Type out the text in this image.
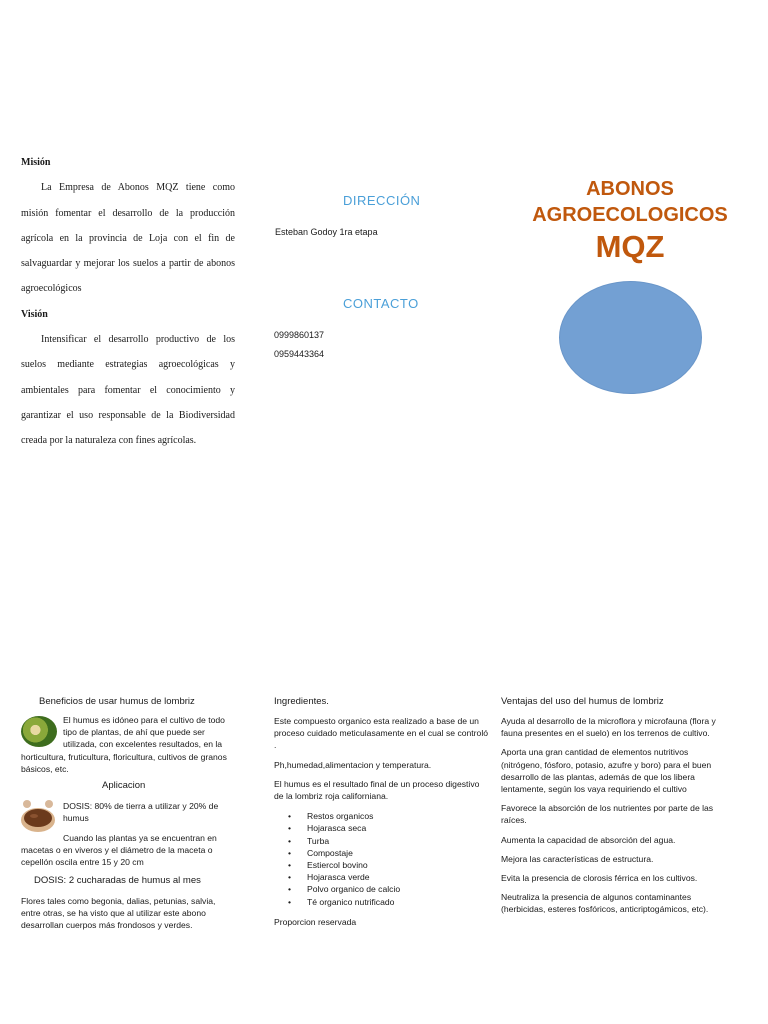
Misión

La Empresa de Abonos MQZ tiene como misión fomentar el desarrollo de la producción agrícola en la provincia de Loja con el fin de salvaguardar y mejorar los suelos a partir de abonos agroecológicos

Visión

Intensificar el desarrollo productivo de los suelos mediante estrategias agroecológicas y ambientales para fomentar el conocimiento y garantizar el uso responsable de la Biodiversidad creada por la naturaleza con fines agrícolas.

DIRECCIÓN
Esteban Godoy 1ra etapa
CONTACTO
0999860137
0959443364
ABONOS
AGROECOLOGICOS
MQZ
Beneficios de usar humus de lombriz
El humus es idóneo para el cultivo de todo tipo de plantas, de ahí que puede ser utilizada, con excelentes resultados, en la horticultura, fruticultura, floricultura, cultivos de granos básicos, etc.
Aplicacion
DOSIS: 80% de tierra a utilizar y 20% de humus
Cuando las plantas ya se encuentran en macetas o en viveros y el diámetro de la maceta o cepellón oscila entre 15 y 20 cm
DOSIS: 2 cucharadas de humus al mes
Flores tales como begonia, dalias, petunias, salvia, entre otras, se ha visto que al utilizar este abono desarrollan cuerpos más frondosos y verdes.
Ingredientes.

Este compuesto organico esta realizado a base de un proceso cuidado meticulasamente en el cual se controló .

Ph,humedad,alimentacion y temperatura.

El humus es el resultado final de un proceso digestivo de la lombriz roja californiana.

• Restos organicos
• Hojarasca seca
• Turba
• Compostaje
• Estiercol bovino
• Hojarasca verde
• Polvo organico de calcio
• Té organico nutrificado
Proporcion reservada
Ventajas del uso del humus de lombriz

Ayuda al desarrollo de la microflora y microfauna (flora y fauna presentes en el suelo) en los terrenos de cultivo.

Aporta una gran cantidad de elementos nutritivos (nitrógeno, fósforo, potasio, azufre y boro) para el buen desarrollo de las plantas, además de que los libera lentamente, según los vaya requiriendo el cultivo

Favorece la absorción de los nutrientes por parte de las raíces.

Aumenta la capacidad de absorción del agua.

Mejora las características de estructura.

Evita la presencia de clorosis férrica en los cultivos.

Neutraliza la presencia de algunos contaminantes (herbicidas, esteres fosfóricos, anticriptogámicos, etc).
